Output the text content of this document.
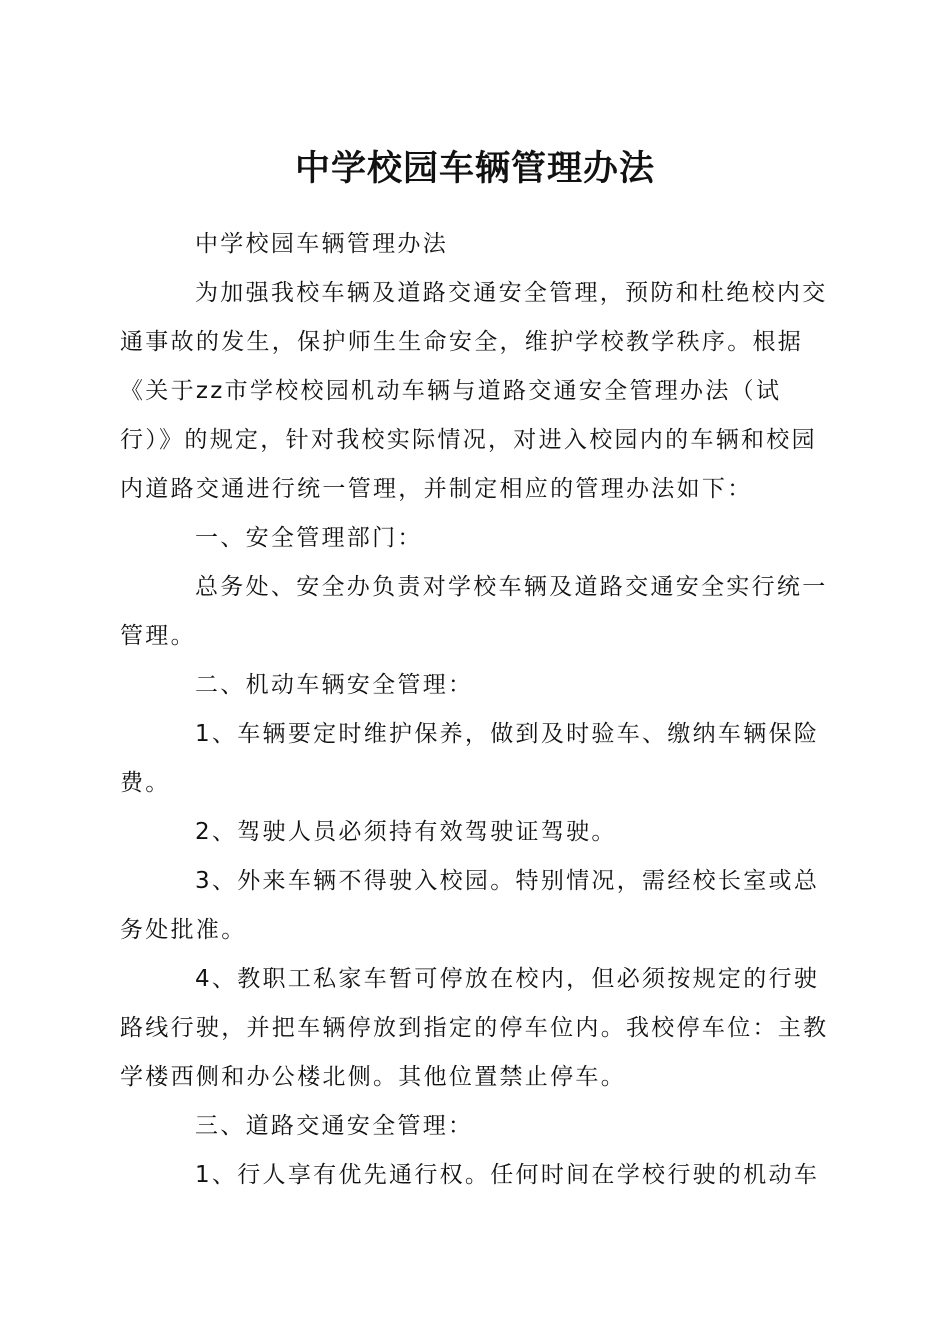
中学校园车辆管理办法

中学校园车辆管理办法

为加强我校车辆及道路交通安全管理，预防和杜绝校内交通事故的发生，保护师生生命安全，维护学校教学秩序。根据《关于zz市学校校园机动车辆与道路交通安全管理办法（试行）》的规定，针对我校实际情况，对进入校园内的车辆和校园内道路交通进行统一管理，并制定相应的管理办法如下：

一、安全管理部门：

总务处、安全办负责对学校车辆及道路交通安全实行统一管理。

二、机动车辆安全管理：

1、车辆要定时维护保养，做到及时验车、缴纳车辆保险费。

2、驾驶人员必须持有效驾驶证驾驶。

3、外来车辆不得驶入校园。特别情况，需经校长室或总务处批准。

4、教职工私家车暂可停放在校内，但必须按规定的行驶路线行驶，并把车辆停放到指定的停车位内。我校停车位：主教学楼西侧和办公楼北侧。其他位置禁止停车。

三、道路交通安全管理：

1、行人享有优先通行权。任何时间在学校行驶的机动车
